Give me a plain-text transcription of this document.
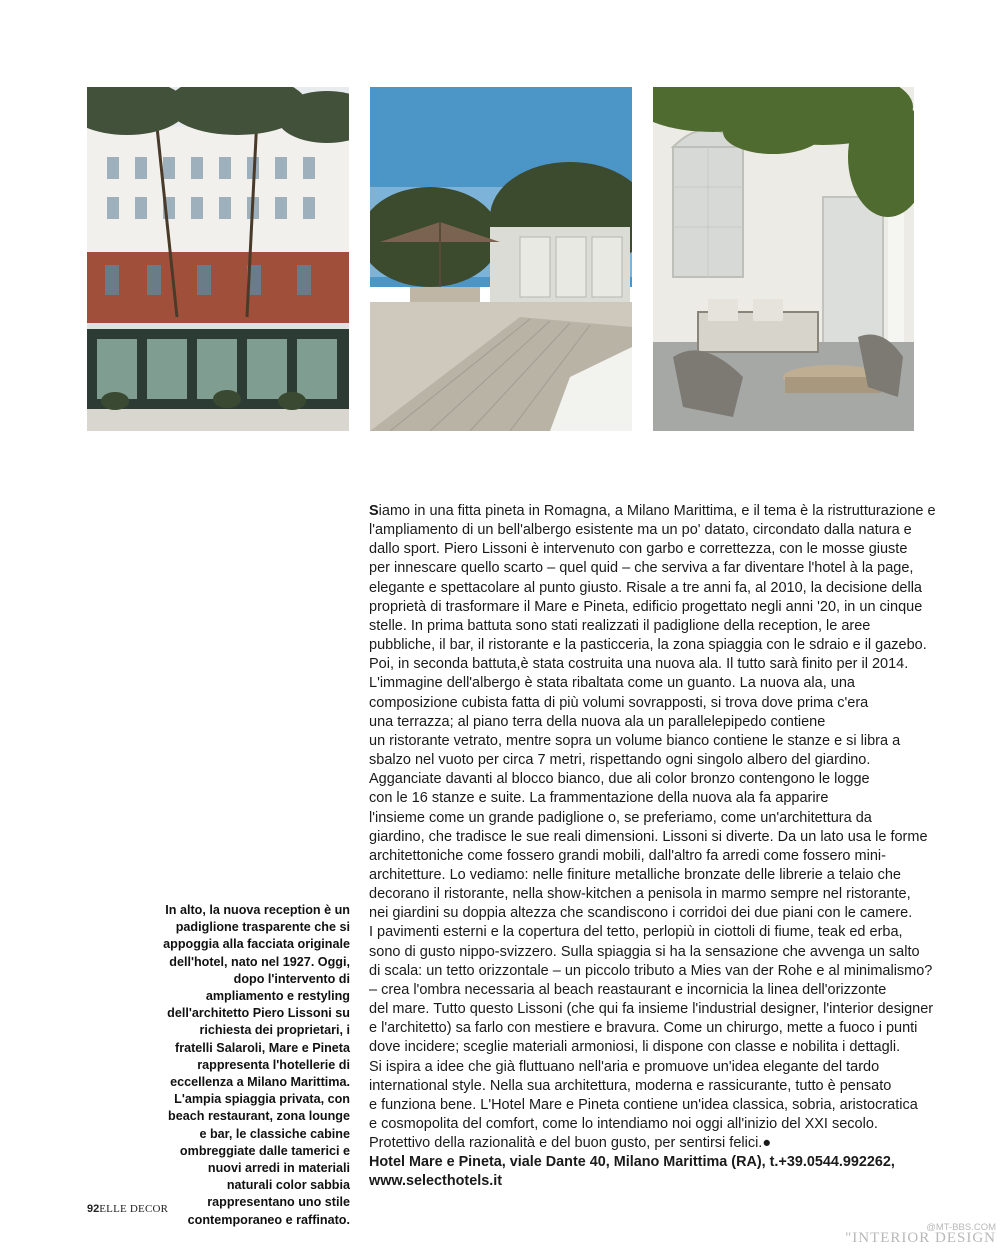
In alto, la nuova reception è un padiglione trasparente che si appoggia alla facciata originale dell'hotel, nato nel 1927. Oggi, dopo l'intervento di ampliamento e restyling dell'architetto Piero Lissoni su richiesta dei proprietari, i fratelli Salaroli, Mare e Pineta rappresenta l'hotellerie di eccellenza a Milano Marittima. L'ampia spiaggia privata, con beach restaurant, zona lounge e bar, le classiche cabine ombreggiate dalle tamerici e nuovi arredi in materiali naturali color sabbia rappresentano uno stile contemporaneo e raffinato.
Siamo in una fitta pineta in Romagna, a Milano Marittima, e il tema è la ristrutturazione e
l'ampliamento di un bell'albergo esistente ma un po' datato, circondato dalla natura e
dallo sport. Piero Lissoni è intervenuto con garbo e correttezza, con le mosse giuste
per innescare quello scarto – quel quid – che serviva a far diventare l'hotel à la page,
elegante e spettacolare al punto giusto. Risale a tre anni fa, al 2010, la decisione della
proprietà di trasformare il Mare e Pineta, edificio progettato negli anni '20, in un cinque
stelle. In prima battuta sono stati realizzati il padiglione della reception, le aree
pubbliche, il bar, il ristorante e la pasticceria, la zona spiaggia con le sdraio e il gazebo.
Poi, in seconda battuta,è stata costruita una nuova ala. Il tutto sarà finito per il 2014.
L'immagine dell'albergo è stata ribaltata come un guanto. La nuova ala, una
composizione cubista fatta di più volumi sovrapposti, si trova dove prima c'era
una terrazza; al piano terra della nuova ala un parallelepipedo contiene
un ristorante vetrato, mentre sopra un volume bianco contiene le stanze e si libra a
sbalzo nel vuoto per circa 7 metri, rispettando ogni singolo albero del giardino.
Agganciate davanti al blocco bianco, due ali color bronzo contengono le logge
con le 16 stanze e suite. La frammentazione della nuova ala fa apparire
l'insieme come un grande padiglione o, se preferiamo, come un'architettura da
giardino, che tradisce le sue reali dimensioni. Lissoni si diverte. Da un lato usa le forme
architettoniche come fossero grandi mobili, dall'altro fa arredi come fossero mini-
architetture. Lo vediamo: nelle finiture metalliche bronzate delle librerie a telaio che
decorano il ristorante, nella show-kitchen a penisola in marmo sempre nel ristorante,
nei giardini su doppia altezza che scandiscono i corridoi dei due piani con le camere.
I pavimenti esterni e la copertura del tetto, perlopiù in ciottoli di fiume, teak ed erba,
sono di gusto nippo-svizzero. Sulla spiaggia si ha la sensazione che avvenga un salto
di scala: un tetto orizzontale – un piccolo tributo a Mies van der Rohe e al minimalismo?
– crea l'ombra necessaria al beach reastaurant e incornicia la linea dell'orizzonte
del mare. Tutto questo Lissoni (che qui fa insieme l'industrial designer, l'interior designer
e l'architetto) sa farlo con mestiere e bravura. Come un chirurgo, mette a fuoco i punti
dove incidere; sceglie materiali armoniosi, li dispone con classe e nobilita i dettagli.
Si ispira a idee che già fluttuano nell'aria e promuove un'idea elegante del tardo
international style. Nella sua architettura, moderna e rassicurante, tutto è pensato
e funziona bene. L'Hotel Mare e Pineta contiene un'idea classica, sobria, aristocratica
e cosmopolita del comfort, come lo intendiamo noi oggi all'inizio del XXI secolo.
Protettivo della razionalità e del buon gusto, per sentirsi felici.●
Hotel Mare e Pineta, viale Dante 40, Milano Marittima (RA), t.+39.0544.992262,
www.selecthotels.it
92ELLE DECOR
@MT-BBS.COM
"INTERIOR DESIGN
